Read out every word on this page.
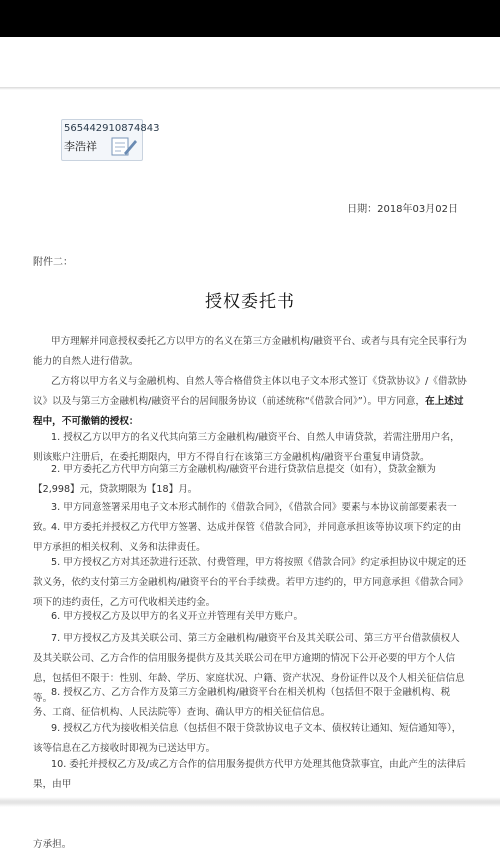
565442910874843
李浩祥
日期：2018年03月02日
附件二：
授权委托书

甲方理解并同意授权委托乙方以甲方的名义在第三方金融机构/融资平台、或者与具有完全民事行为能力的自然人进行借款。

乙方将以甲方名义与金融机构、自然人等合格借贷主体以电子文本形式签订《贷款协议》/《借款协议》以及与第三方金融机构/融资平台的居间服务协议（前述统称“《借款合同》”）。甲方同意，在上述过程中，不可撤销的授权：

1. 授权乙方以甲方的名义代其向第三方金融机构/融资平台、自然人申请贷款，若需注册用户名，则该账户注册后，在委托期限内，甲方不得自行在该第三方金融机构/融资平台重复申请贷款。

2. 甲方委托乙方代甲方向第三方金融机构/融资平台进行贷款信息提交（如有），贷款金额为【2,998】元，贷款期限为【18】月。

3. 甲方同意签署采用电子文本形式制作的《借款合同》，《借款合同》要素与本协议前部要素表一致。

4. 甲方委托并授权乙方代甲方签署、达成并保管《借款合同》，并同意承担该等协议项下约定的由甲方承担的相关权利、义务和法律责任。

5. 甲方授权乙方对其还款进行还款、付费管理，甲方将按照《借款合同》约定承担协议中规定的还款义务，依约支付第三方金融机构/融资平台的平台手续费。若甲方违约的，甲方同意承担《借款合同》项下的违约责任，乙方可代收相关违约金。

6. 甲方授权乙方及以甲方的名义开立并管理有关甲方账户。

7. 甲方授权乙方及其关联公司、第三方金融机构/融资平台及其关联公司、第三方平台借款债权人及其关联公司、乙方合作的信用服务提供方及其关联公司在甲方逾期的情况下公开必要的甲方个人信息，包括但不限于：性别、年龄、学历、家庭状况、户籍、资产状况、身份证件以及个人相关征信信息等。

8. 授权乙方、乙方合作方及第三方金融机构/融资平台在相关机构（包括但不限于金融机构、税务、工商、征信机构、人民法院等）查询、确认甲方的相关征信信息。

9. 授权乙方代为接收相关信息（包括但不限于贷款协议电子文本、债权转让通知、短信通知等），该等信息在乙方接收时即视为已送达甲方。

10. 委托并授权乙方及/或乙方合作的信用服务提供方代甲方处理其他贷款事宜，由此产生的法律后果，由甲

方承担。
